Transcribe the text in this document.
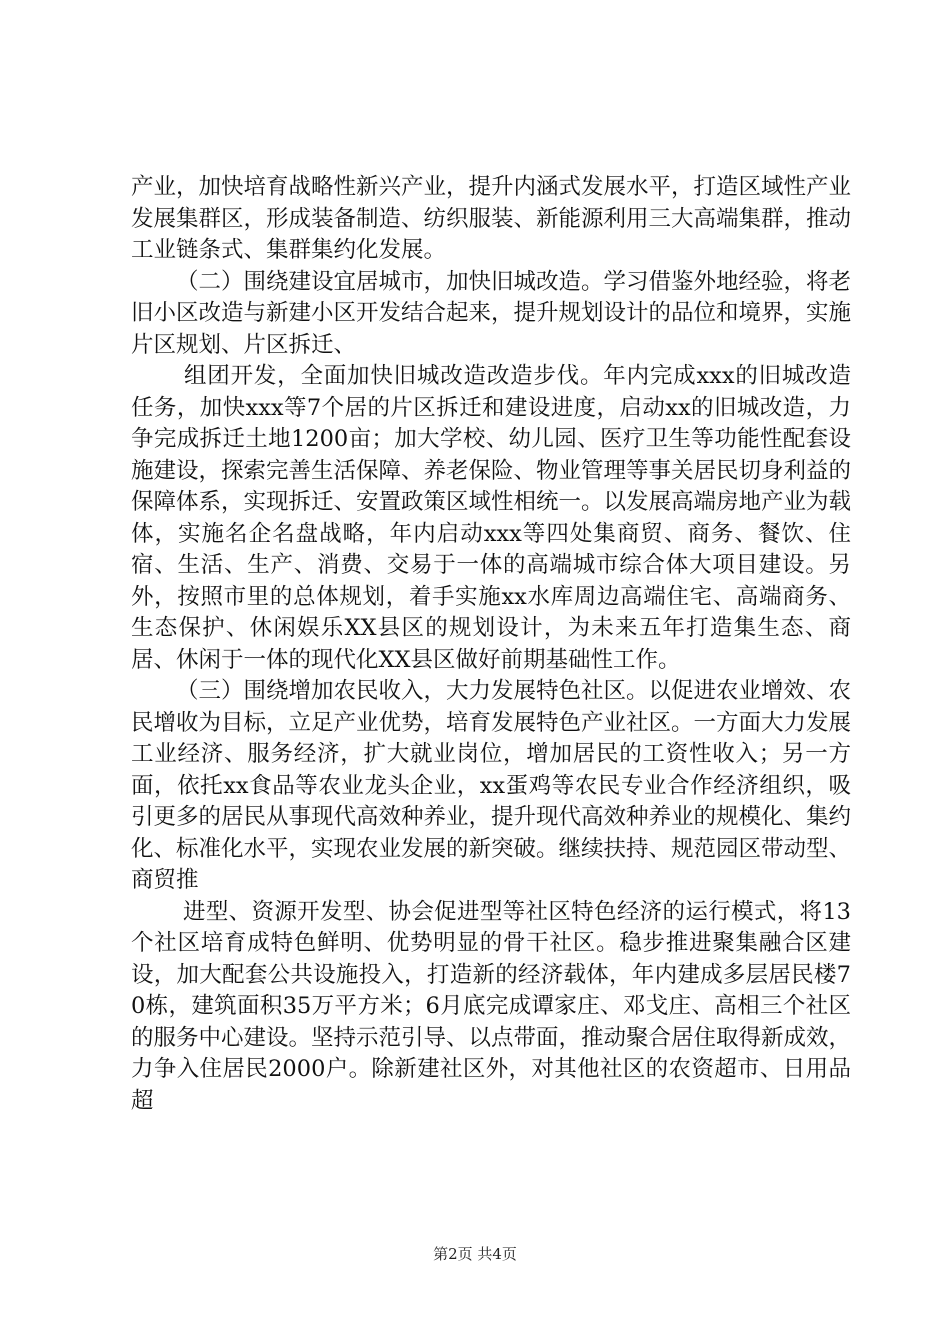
产业，加快培育战略性新兴产业，提升内涵式发展水平，打造区域性产业发展集群区，形成装备制造、纺织服装、新能源利用三大高端集群，推动工业链条式、集群集约化发展。

（二）围绕建设宜居城市，加快旧城改造。学习借鉴外地经验，将老旧小区改造与新建小区开发结合起来，提升规划设计的品位和境界，实施片区规划、片区拆迁、

组团开发，全面加快旧城改造改造步伐。年内完成xxx的旧城改造任务，加快xxx等7个居的片区拆迁和建设进度，启动xx的旧城改造，力争完成拆迁土地1200亩；加大学校、幼儿园、医疗卫生等功能性配套设施建设，探索完善生活保障、养老保险、物业管理等事关居民切身利益的保障体系，实现拆迁、安置政策区域性相统一。以发展高端房地产业为载体，实施名企名盘战略，年内启动xxx等四处集商贸、商务、餐饮、住宿、生活、生产、消费、交易于一体的高端城市综合体大项目建设。另外，按照市里的总体规划，着手实施xx水库周边高端住宅、高端商务、生态保护、休闲娱乐XX县区的规划设计，为未来五年打造集生态、商居、休闲于一体的现代化XX县区做好前期基础性工作。

（三）围绕增加农民收入，大力发展特色社区。以促进农业增效、农民增收为目标，立足产业优势，培育发展特色产业社区。一方面大力发展工业经济、服务经济，扩大就业岗位，增加居民的工资性收入；另一方面，依托xx食品等农业龙头企业，xx蛋鸡等农民专业合作经济组织，吸引更多的居民从事现代高效种养业，提升现代高效种养业的规模化、集约化、标准化水平，实现农业发展的新突破。继续扶持、规范园区带动型、商贸推

进型、资源开发型、协会促进型等社区特色经济的运行模式，将13个社区培育成特色鲜明、优势明显的骨干社区。稳步推进聚集融合区建设，加大配套公共设施投入，打造新的经济载体，年内建成多层居民楼70栋，建筑面积35万平方米；6月底完成谭家庄、邓戈庄、高相三个社区的服务中心建设。坚持示范引导、以点带面，推动聚合居住取得新成效，力争入住居民2000户。除新建社区外，对其他社区的农资超市、日用品超

第2页 共4页
